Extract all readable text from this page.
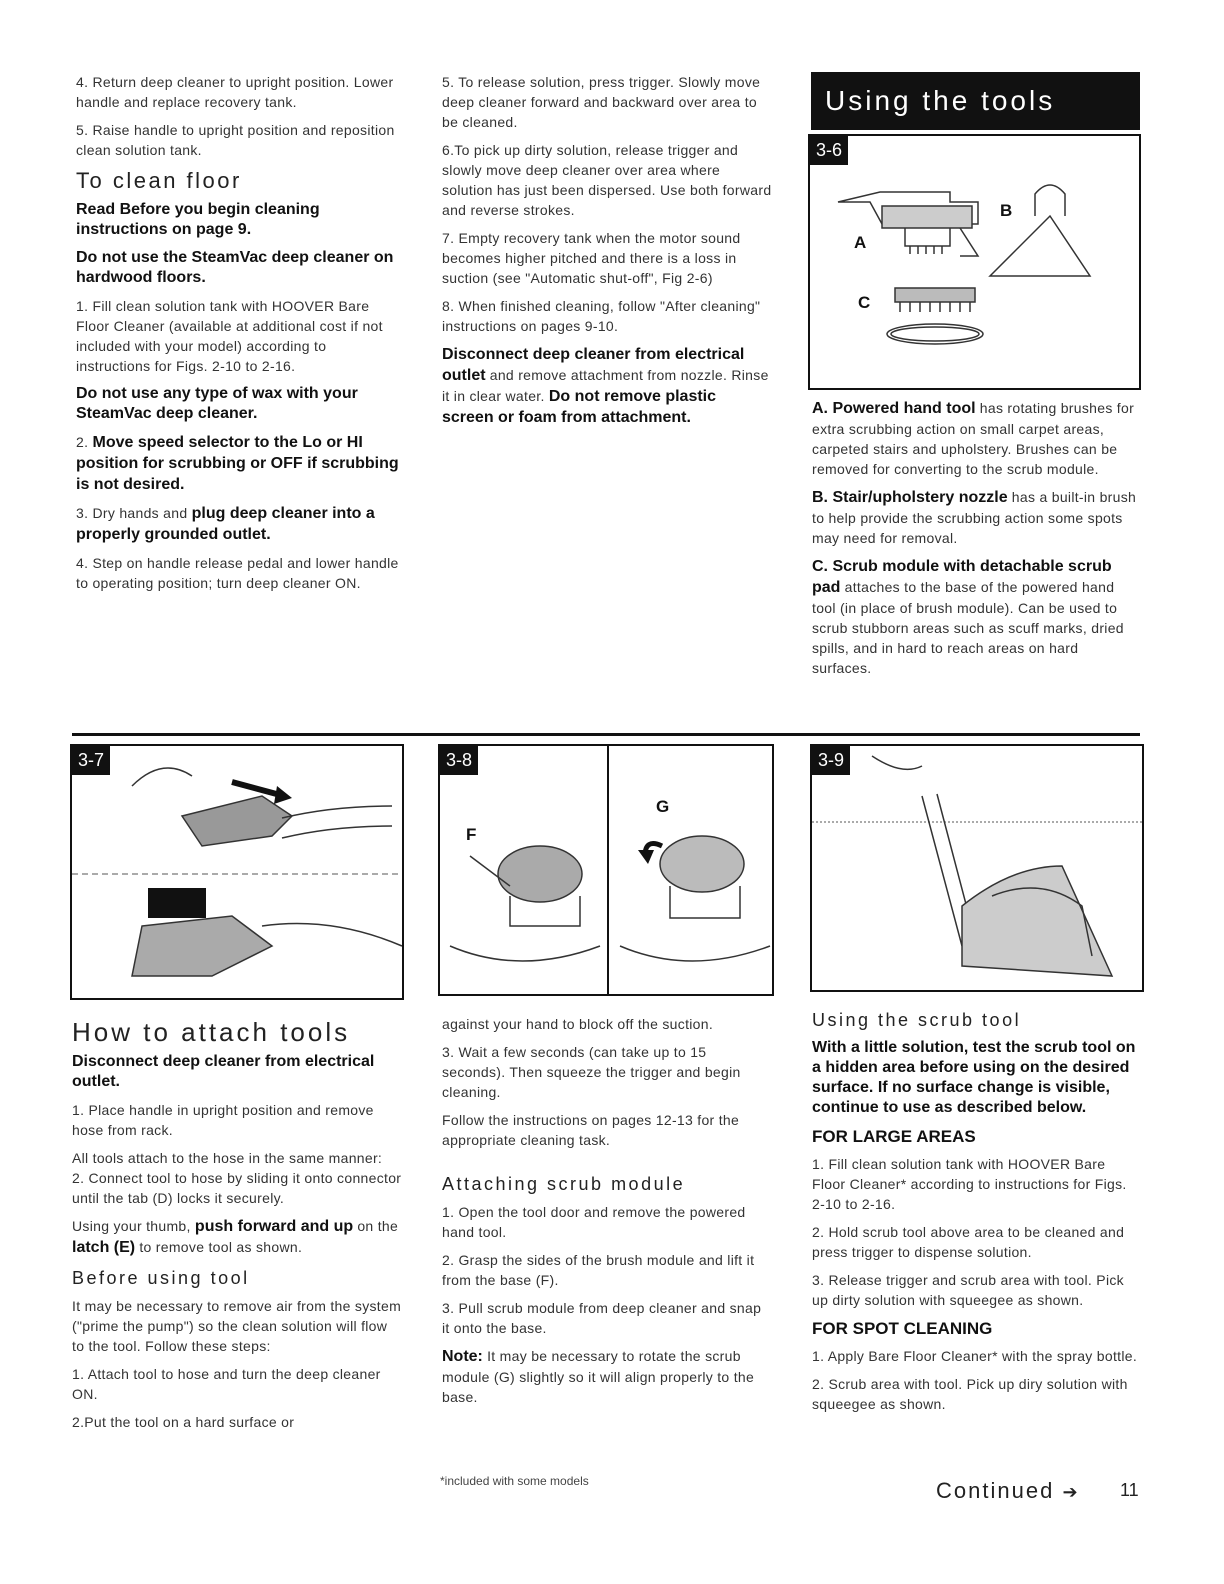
4. Return deep cleaner to upright position. Lower handle and replace recovery tank.

5. Raise handle to upright position and reposition clean solution tank.

To clean floor
Read Before you begin cleaning instructions on page 9.
Do not use the SteamVac deep cleaner on hardwood floors.

1. Fill clean solution tank with HOOVER Bare Floor Cleaner (available at additional cost if not included with your model) according to instructions for Figs. 2-10 to 2-16.

Do not use any type of wax with your SteamVac deep cleaner.

2. Move speed selector to the Lo or HI position for scrubbing or OFF if scrubbing is not desired.

3. Dry hands and plug deep cleaner into a properly grounded outlet.

4. Step on handle release pedal and lower handle to operating position; turn deep cleaner ON.

5. To release solution, press trigger. Slowly move deep cleaner forward and backward over area to be cleaned.

6.To pick up dirty solution, release trigger and slowly move deep cleaner over area where solution has just been dispersed. Use both forward and reverse strokes.

7. Empty recovery tank when the motor sound becomes higher pitched and there is a loss in suction (see "Automatic shut-off", Fig 2-6)

8. When finished cleaning, follow "After cleaning" instructions on pages 9-10.

Disconnect deep cleaner from electrical outlet and remove attachment from nozzle. Rinse it in clear water. Do not remove plastic screen or foam from attachment.

Using the tools
3-6
A
B
C

A. Powered hand tool has rotating brushes for extra scrubbing action on small carpet areas, carpeted stairs and upholstery. Brushes can be removed for converting to the scrub module.

B. Stair/upholstery nozzle has a built-in brush to help provide the scrubbing action some spots may need for removal.

C. Scrub module with detachable scrub pad attaches to the base of the powered hand tool (in place of brush module). Can be used to scrub stubborn areas such as scuff marks, dried spills, and in hard to reach areas on hard surfaces.

3-7	3-8
G
F
3-9
How to attach tools
Disconnect deep cleaner from electrical outlet.

1. Place handle in upright position and remove hose from rack.

All tools attach to the hose in the same manner:

2. Connect tool to hose by sliding it onto connector until the tab (D) locks it securely.

Using your thumb, push forward and up on the latch (E) to remove tool as shown.

Before using tool

It may be necessary to remove air from the system ("prime the pump") so the clean solution will flow to the tool. Follow these steps:

1. Attach tool to hose and turn the deep cleaner ON.

2.Put the tool on a hard surface or

against your hand to block off the suction.

3. Wait a few seconds (can take up to 15 seconds). Then squeeze the trigger and begin cleaning.

Follow the instructions on pages 12-13 for the appropriate cleaning task.

Attaching scrub module

1. Open the tool door and remove the powered hand tool.

2. Grasp the sides of the brush module and lift it from the base (F).

3. Pull scrub module from deep cleaner and snap it onto the base.

Note: It may be necessary to rotate the scrub module (G) slightly so it will align properly to the base.

*included with some models
Using the scrub tool
With a little solution, test the scrub tool on a hidden area before using on the desired surface. If no surface change is visible, continue to use as described below.
FOR LARGE AREAS

1. Fill clean solution tank with HOOVER Bare Floor Cleaner* according to instructions for Figs. 2-10 to 2-16.

2. Hold scrub tool above area to be cleaned and press trigger to dispense solution.

3. Release trigger and scrub area with tool. Pick up dirty solution with squeegee as shown.

FOR SPOT CLEANING

1. Apply Bare Floor Cleaner* with the spray bottle.

2. Scrub area with tool. Pick up diry solution with squeegee as shown.

Continued ➔ 11
